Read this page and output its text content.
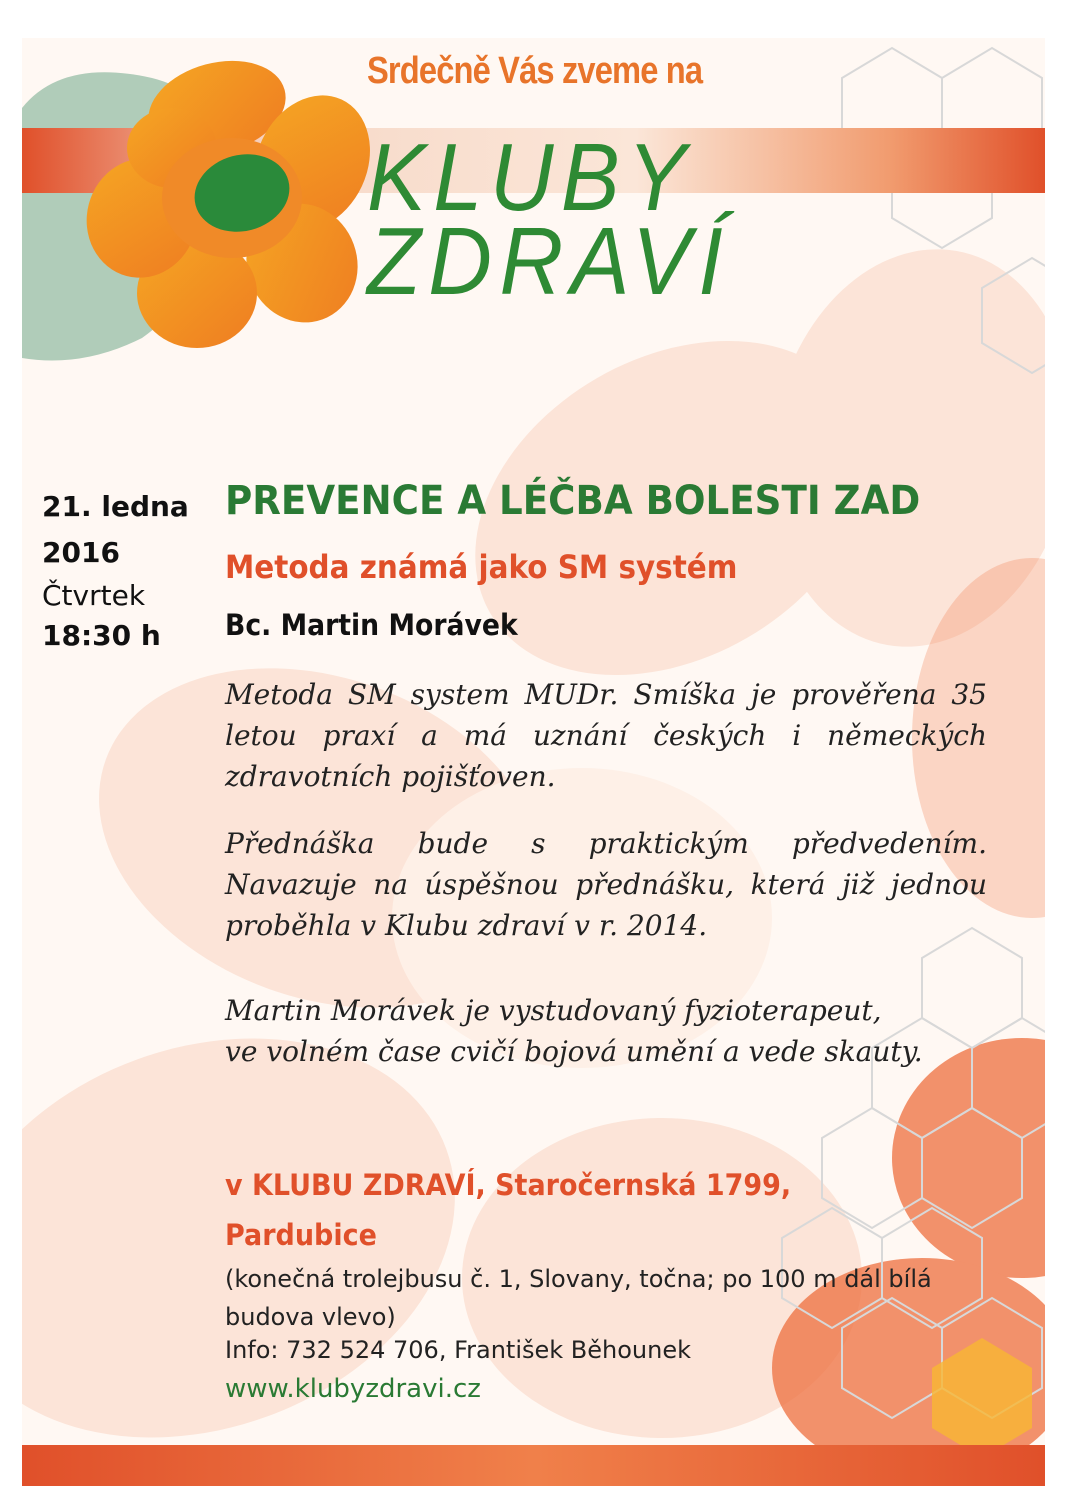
Srdečně Vás zveme na
KLUBY
ZDRAVÍ
21. ledna
2016
Čtvrtek
18:30 h
PREVENCE A LÉČBA BOLESTI ZAD
Metoda známá jako SM systém
Bc. Martin Morávek

Metoda SM system MUDr. Smíška je prověřena 35 letou praxí a má uznání českých i německých zdravotních pojišťoven.

Přednáška bude s praktickým předvedením. Navazuje na úspěšnou přednášku, která již jednou proběhla v Klubu zdraví v r. 2014.

Martin Morávek je vystudovaný fyzioterapeut,
ve volném čase cvičí bojová umění a vede skauty.
v KLUBU ZDRAVÍ, Staročernská 1799,
Pardubice
(konečná trolejbusu č. 1, Slovany, točna; po 100 m dál bílá budova vlevo)
Info: 732 524 706, František Běhounek
www.klubyzdravi.cz
